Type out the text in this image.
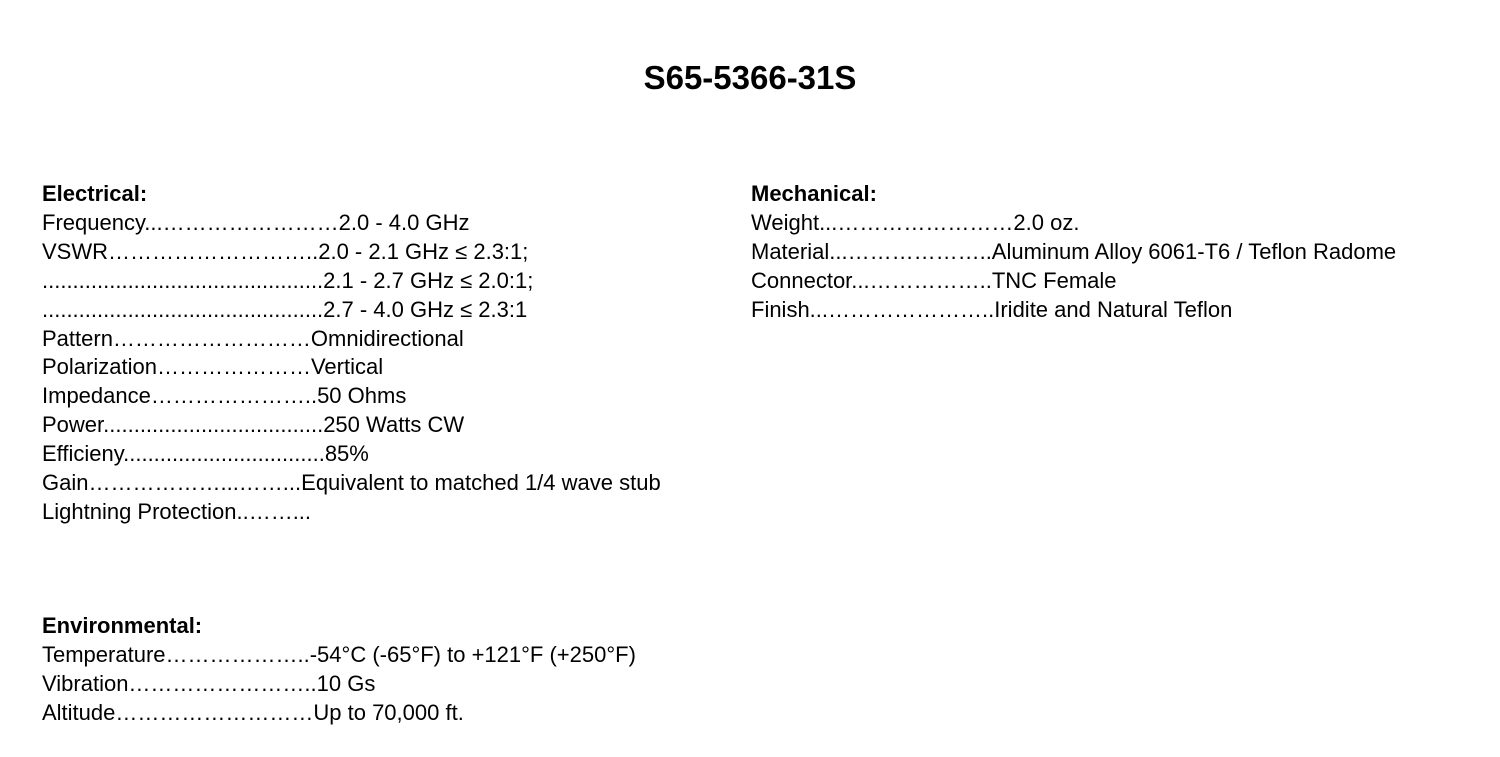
S65-5366-31S
Electrical:
Frequency...……………………2.0 - 4.0 GHz
VSWR………………………..2.0 - 2.1 GHz ≤ 2.3:1;
..............................................2.1 - 2.7 GHz ≤ 2.0:1;
..............................................2.7 - 4.0 GHz ≤ 2.3:1
Pattern………………………Omnidirectional
Polarization…………………Vertical
Impedance…………………..50 Ohms
Power....................................250 Watts CW
Efficieny.................................85%
Gain………………...……...Equivalent to matched 1/4 wave stub
Lightning Protection..……...
Mechanical:
Weight...……………………2.0 oz.
Material...………………..Aluminum Alloy 6061-T6 / Teflon Radome
Connector...……………..TNC Female
Finish...…………………..Iridite and Natural Teflon
Environmental:
Temperature………………..-54°C (-65°F) to +121°F (+250°F)
Vibration……………………..10 Gs
Altitude………………………Up to 70,000 ft.
